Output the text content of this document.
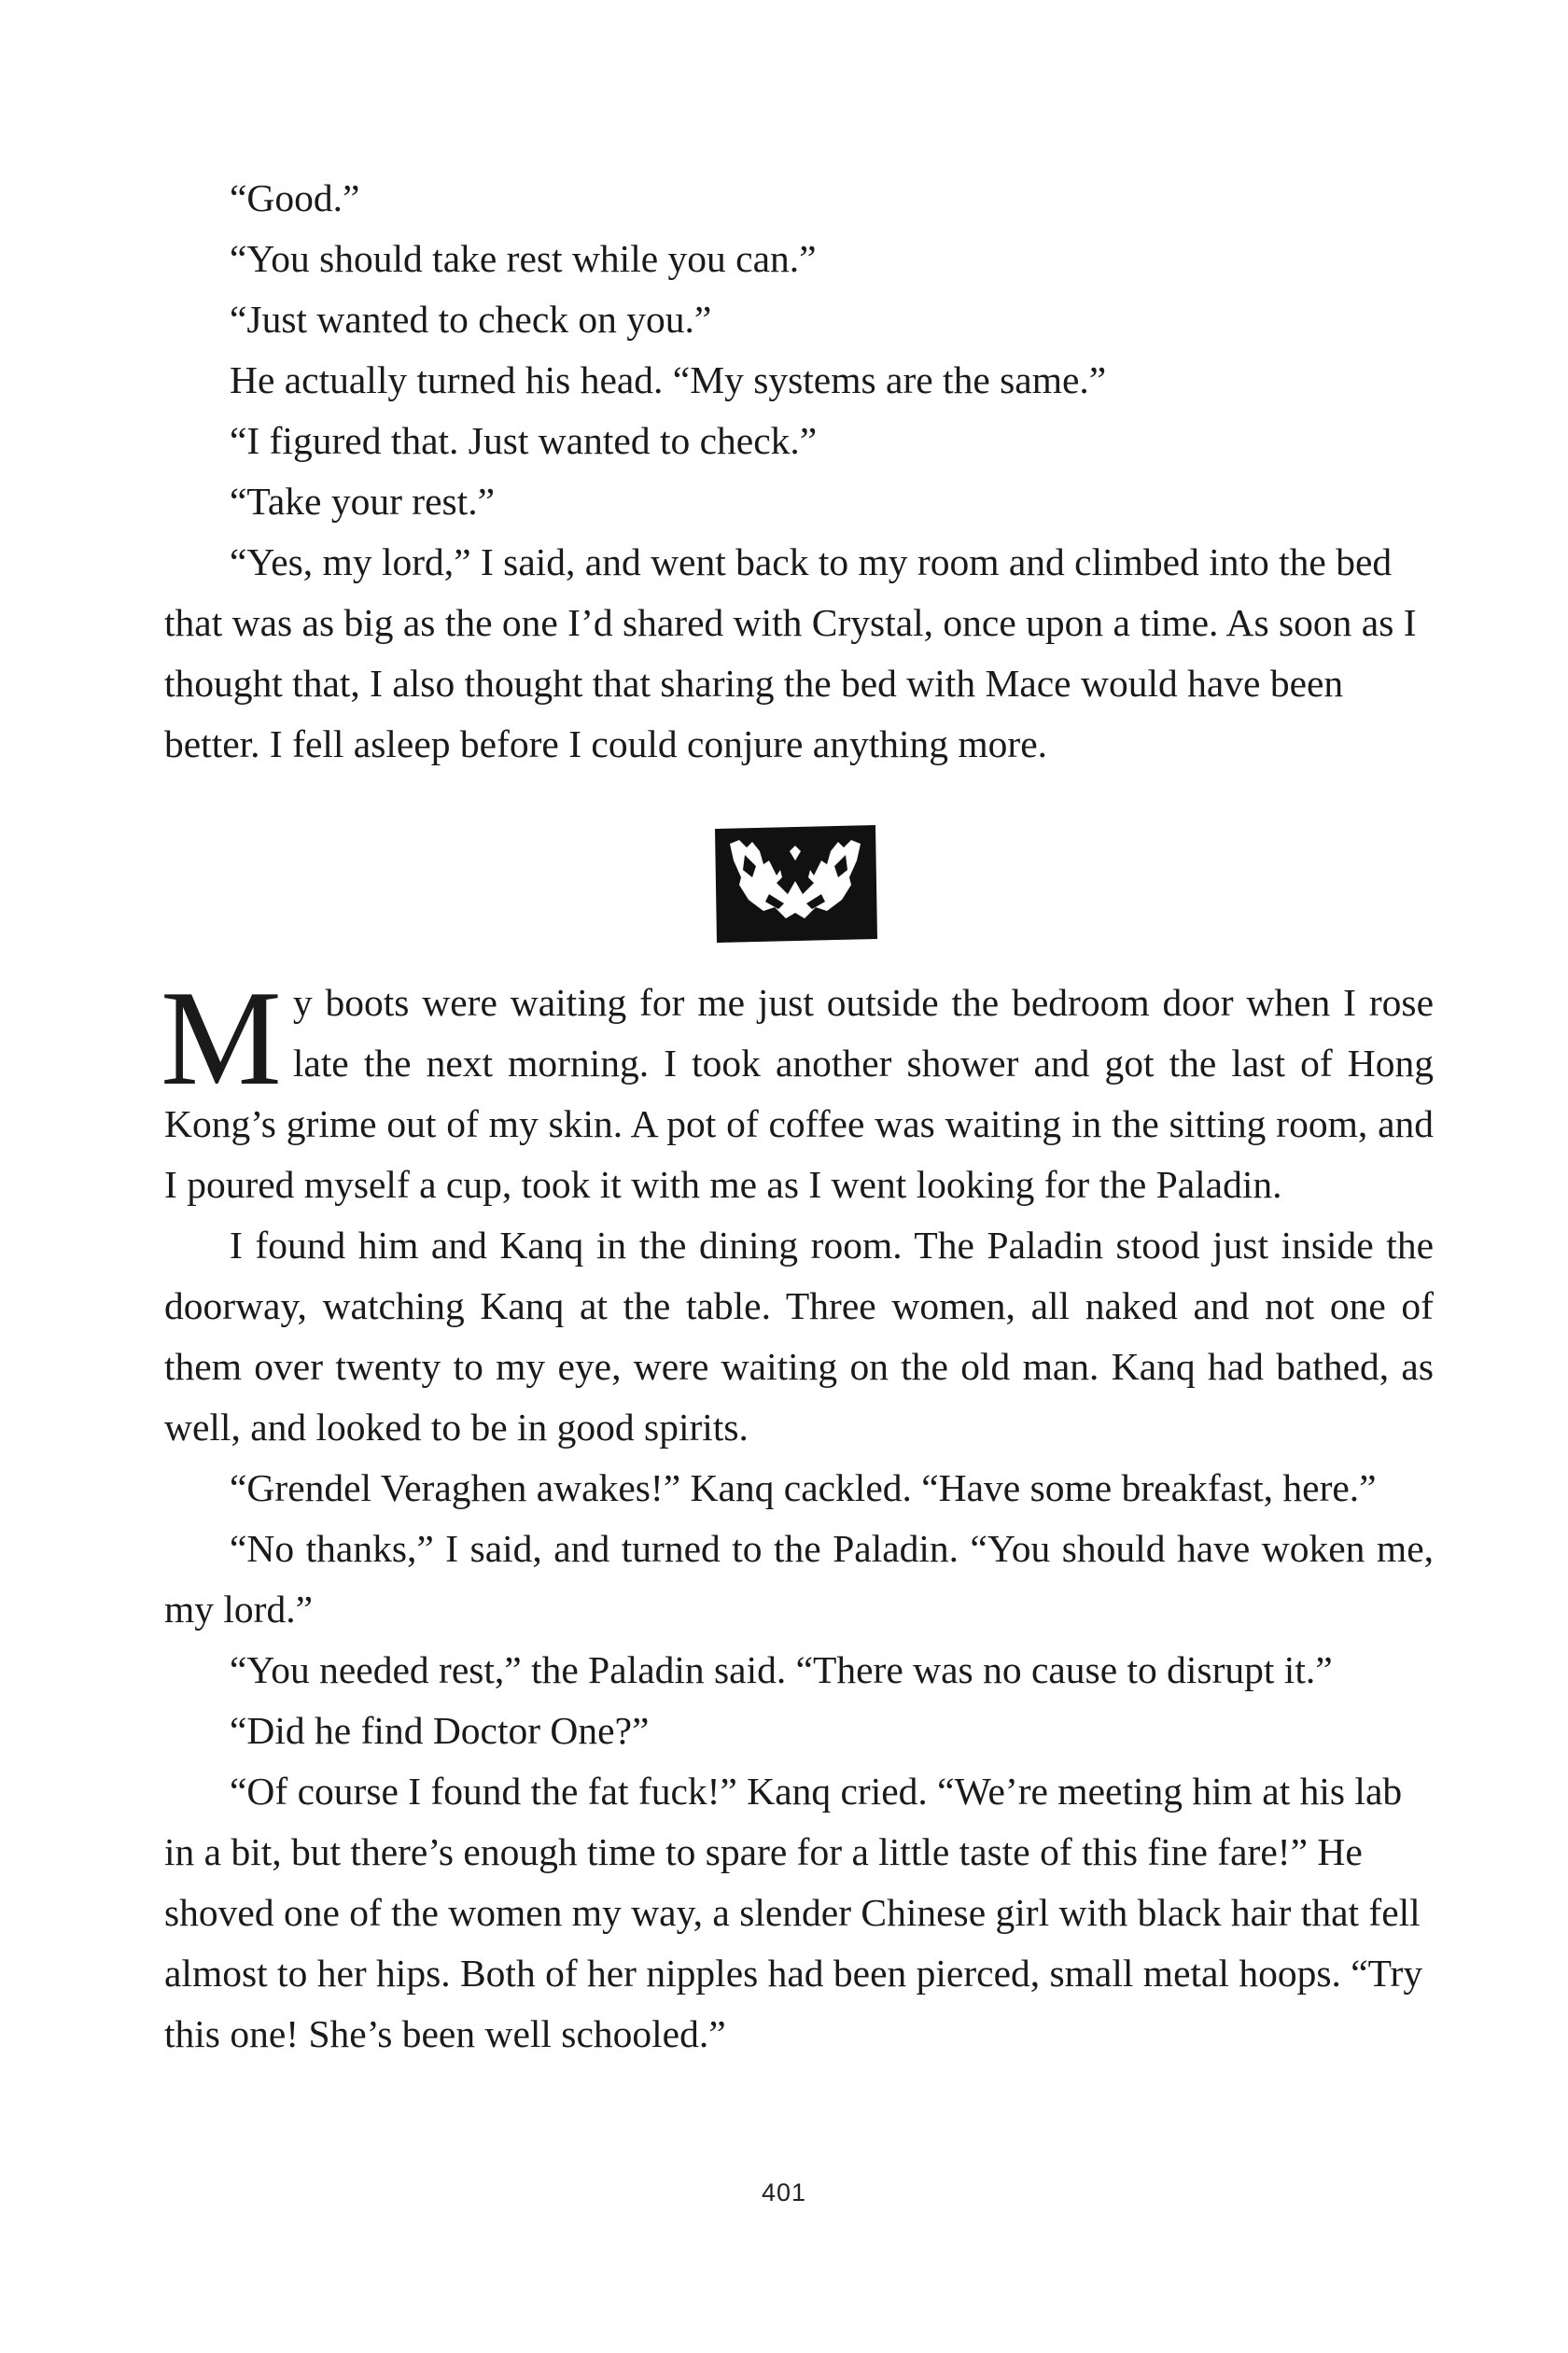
“Good.”

“You should take rest while you can.”

“Just wanted to check on you.”

He actually turned his head. “My systems are the same.”

“I figured that. Just wanted to check.”

“Take your rest.”

“Yes, my lord,” I said, and went back to my room and climbed into the bed that was as big as the one I’d shared with Crystal, once upon a time. As soon as I thought that, I also thought that sharing the bed with Mace would have been better. I fell asleep before I could conjure anything more.

My boots were waiting for me just outside the bedroom door when I rose late the next morning. I took another shower and got the last of Hong Kong’s grime out of my skin. A pot of coffee was waiting in the sitting room, and I poured myself a cup, took it with me as I went looking for the Paladin.

I found him and Kanq in the dining room. The Paladin stood just inside the doorway, watching Kanq at the table. Three women, all naked and not one of them over twenty to my eye, were waiting on the old man. Kanq had bathed, as well, and looked to be in good spirits.

“Grendel Veraghen awakes!” Kanq cackled. “Have some breakfast, here.”

“No thanks,” I said, and turned to the Paladin. “You should have woken me, my lord.”

“You needed rest,” the Paladin said. “There was no cause to disrupt it.”

“Did he find Doctor One?”

“Of course I found the fat fuck!” Kanq cried. “We’re meeting him at his lab in a bit, but there’s enough time to spare for a little taste of this fine fare!” He shoved one of the women my way, a slender Chinese girl with black hair that fell almost to her hips. Both of her nipples had been pierced, small metal hoops. “Try this one! She’s been well schooled.”

401
